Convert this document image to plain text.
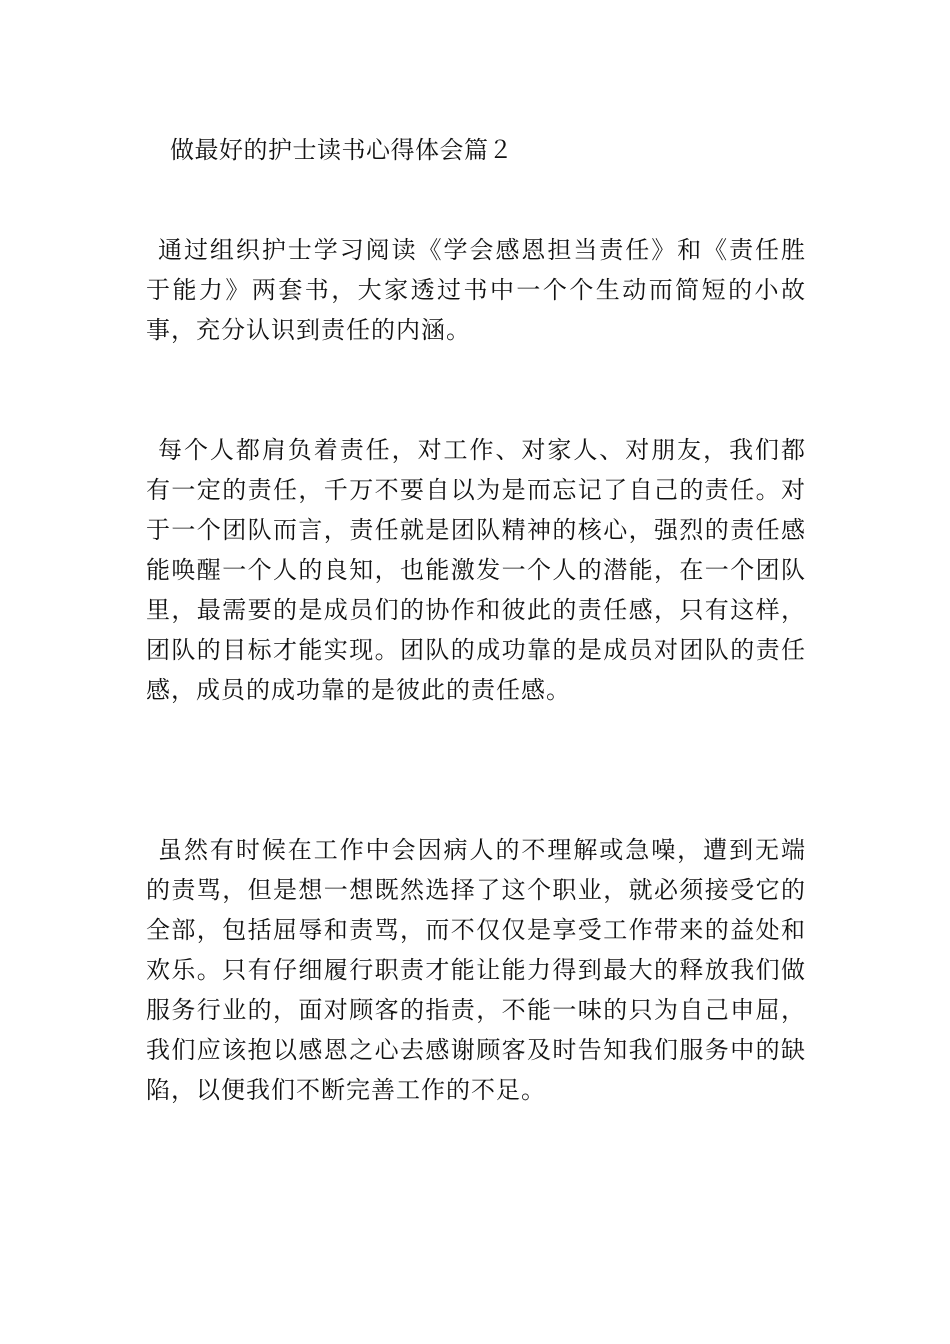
做最好的护士读书心得体会篇２

通过组织护士学习阅读《学会感恩担当责任》和《责任胜于能力》两套书，大家透过书中一个个生动而简短的小故事，充分认识到责任的内涵。

每个人都肩负着责任，对工作、对家人、对朋友，我们都有一定的责任，千万不要自以为是而忘记了自己的责任。对于一个团队而言，责任就是团队精神的核心，强烈的责任感能唤醒一个人的良知，也能激发一个人的潜能，在一个团队里，最需要的是成员们的协作和彼此的责任感，只有这样，团队的目标才能实现。团队的成功靠的是成员对团队的责任感，成员的成功靠的是彼此的责任感。

虽然有时候在工作中会因病人的不理解或急噪，遭到无端的责骂，但是想一想既然选择了这个职业，就必须接受它的全部，包括屈辱和责骂，而不仅仅是享受工作带来的益处和欢乐。只有仔细履行职责才能让能力得到最大的释放我们做服务行业的，面对顾客的指责，不能一味的只为自己申屈，我们应该抱以感恩之心去感谢顾客及时告知我们服务中的缺陷，以便我们不断完善工作的不足。
